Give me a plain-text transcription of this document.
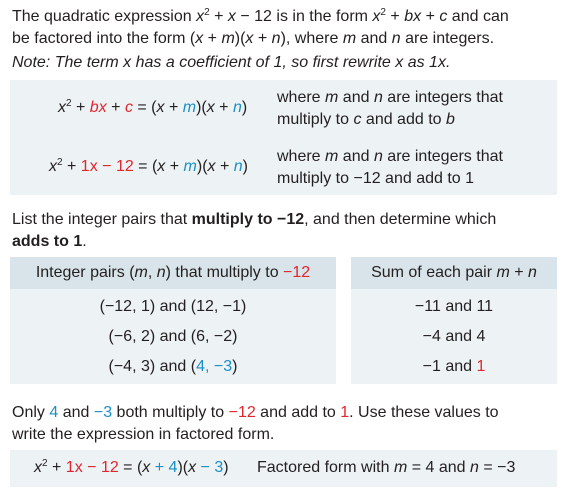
The quadratic expression $x^2 + x - 12$ is in the form $x^2$ + bx + c and can
be factored into the form (x + m)(x + n), where m and n are integers.
Note: The term x has a coefficient of 1, so first rewrite x as 1x.
$x^2$ + bx + c = (x + m)(x + n)
where m and n are integers that
multiply to c and add to b
$x^2 + 1x - 12 = (x + m)(x + n)$
where m and n are integers that
multiply to −12 and add to 1
List the integer pairs that multiply to −12, and then determine which
adds to 1.
Integer pairs (m, n) that multiply to −12
(−12, 1) and (12, −1)
(−6, 2) and (6, −2)
(−4, 3) and (4, −3)
Sum of each pair m + n
−11 and 11
−4 and 4
−1 and 1
Only 4 and −3 both multiply to −12 and add to 1. Use these values to
write the expression in factored form.
$x^2 + 1x - 12 = (x + 4)(x - 3)$ Factored form with m = 4 and n = −3
